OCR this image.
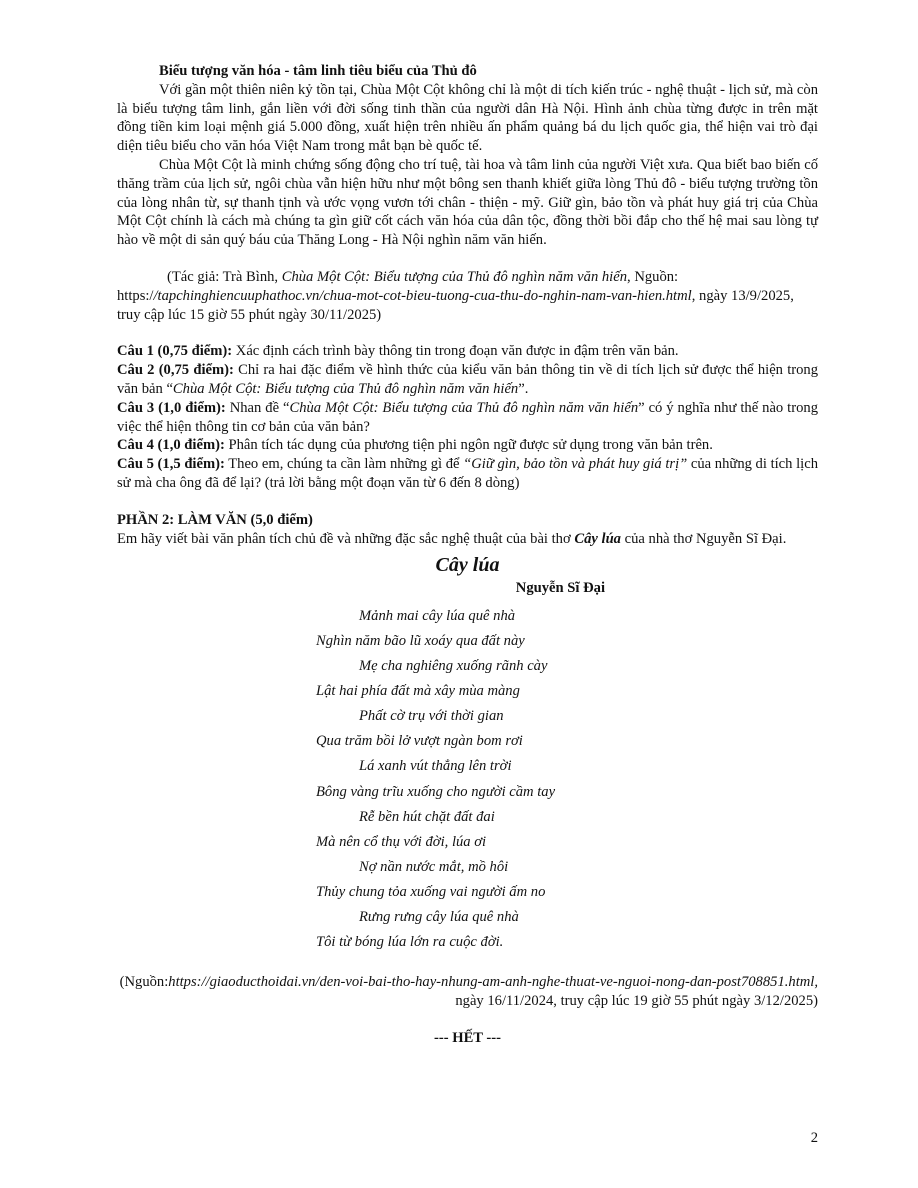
Biểu tượng văn hóa - tâm linh tiêu biểu của Thủ đô

Với gần một thiên niên kỷ tồn tại, Chùa Một Cột không chỉ là một di tích kiến trúc - nghệ thuật - lịch sử, mà còn là biểu tượng tâm linh, gắn liền với đời sống tinh thần của người dân Hà Nội. Hình ảnh chùa từng được in trên mặt đồng tiền kim loại mệnh giá 5.000 đồng, xuất hiện trên nhiều ấn phẩm quảng bá du lịch quốc gia, thể hiện vai trò đại diện tiêu biểu cho văn hóa Việt Nam trong mắt bạn bè quốc tế.

Chùa Một Cột là minh chứng sống động cho trí tuệ, tài hoa và tâm linh của người Việt xưa. Qua biết bao biến cố thăng trầm của lịch sử, ngôi chùa vẫn hiện hữu như một bông sen thanh khiết giữa lòng Thủ đô - biểu tượng trường tồn của lòng nhân từ, sự thanh tịnh và ước vọng vươn tới chân - thiện - mỹ. Giữ gìn, bảo tồn và phát huy giá trị của Chùa Một Cột chính là cách mà chúng ta gìn giữ cốt cách văn hóa của dân tộc, đồng thời bồi đắp cho thế hệ mai sau lòng tự hào về một di sản quý báu của Thăng Long - Hà Nội nghìn năm văn hiến.

(Tác giả: Trà Bình, Chùa Một Cột: Biểu tượng của Thủ đô nghìn năm văn hiến, Nguồn: https://tapchinghiencuuphathoc.vn/chua-mot-cot-bieu-tuong-cua-thu-do-nghin-nam-van-hien.html, ngày 13/9/2025, truy cập lúc 15 giờ 55 phút ngày 30/11/2025)

Câu 1 (0,75 điểm): Xác định cách trình bày thông tin trong đoạn văn được in đậm trên văn bản.

Câu 2 (0,75 điểm): Chỉ ra hai đặc điểm về hình thức của kiểu văn bản thông tin về di tích lịch sử được thể hiện trong văn bản “Chùa Một Cột: Biểu tượng của Thủ đô nghìn năm văn hiến”.

Câu 3 (1,0 điểm): Nhan đề “Chùa Một Cột: Biểu tượng của Thủ đô nghìn năm văn hiến” có ý nghĩa như thế nào trong việc thể hiện thông tin cơ bản của văn bản?

Câu 4 (1,0 điểm): Phân tích tác dụng của phương tiện phi ngôn ngữ được sử dụng trong văn bản trên.

Câu 5 (1,5 điểm): Theo em, chúng ta cần làm những gì để “Giữ gìn, bảo tồn và phát huy giá trị” của những di tích lịch sử mà cha ông đã để lại? (trả lời bằng một đoạn văn từ 6 đến 8 dòng)

PHẦN 2: LÀM VĂN (5,0 điểm)

Em hãy viết bài văn phân tích chủ đề và những đặc sắc nghệ thuật của bài thơ Cây lúa của nhà thơ Nguyễn Sĩ Đại.

Cây lúa
Nguyễn Sĩ Đại
Mảnh mai cây lúa quê nhà
Nghìn năm bão lũ xoáy qua đất này
Mẹ cha nghiêng xuống rãnh cày
Lật hai phía đất mà xây mùa màng
Phất cờ trụ với thời gian
Qua trăm bồi lở vượt ngàn bom rơi
Lá xanh vút thẳng lên trời
Bông vàng trĩu xuống cho người cầm tay
Rễ bền hút chặt đất đai
Mà nên cổ thụ với đời, lúa ơi
Nợ nần nước mắt, mồ hôi
Thủy chung tỏa xuống vai người ấm no
Rưng rưng cây lúa quê nhà
Tôi từ bóng lúa lớn ra cuộc đời.
(Nguồn:https://giaoducthoidai.vn/den-voi-bai-tho-hay-nhung-am-anh-nghe-thuat-ve-nguoi-nong-dan-post708851.html, ngày 16/11/2024, truy cập lúc 19 giờ 55 phút ngày 3/12/2025)
--- HẾT ---
2
